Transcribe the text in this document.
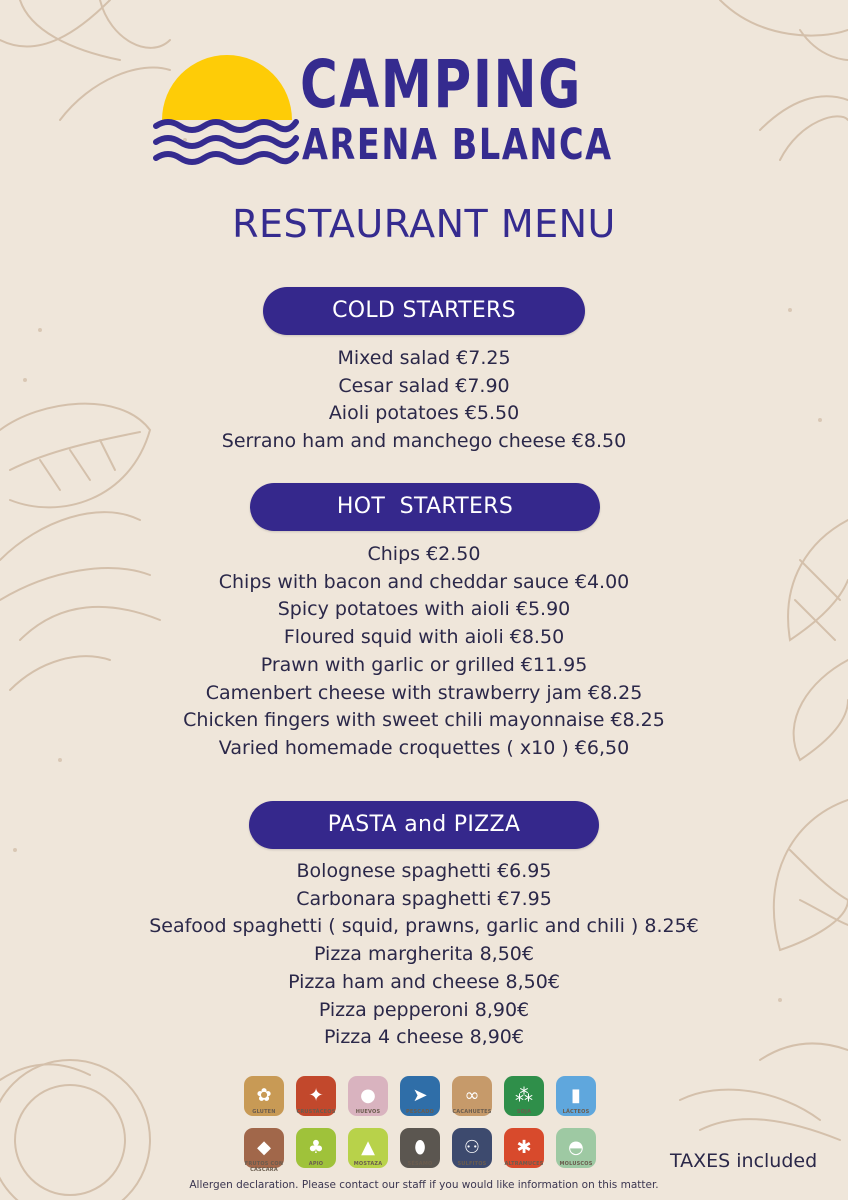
CAMPING
ARENA BLANCA
RESTAURANT MENU
COLD STARTERS
Mixed salad €7.25
Cesar salad €7.90
Aioli potatoes €5.50
Serrano ham and manchego cheese €8.50
HOT  STARTERS
Chips €2.50
Chips with bacon and cheddar sauce €4.00
Spicy potatoes with aioli €5.90
Floured squid with aioli €8.50
Prawn with garlic or grilled €11.95
Camenbert cheese with strawberry jam €8.25
Chicken fingers with sweet chili mayonnaise €8.25
Varied homemade croquettes ( x10 ) €6,50
PASTA and PIZZA
Bolognese spaghetti €6.95
Carbonara spaghetti €7.95
Seafood spaghetti ( squid, prawns, garlic and chili ) 8.25€
Pizza margherita 8,50€
Pizza ham and cheese 8,50€
Pizza pepperoni 8,90€
Pizza 4 cheese 8,90€
✿
GLUTEN
✦
CRUSTÁCEOS
●
HUEVOS
➤
PESCADO
∞
CACAHUETES
⁂
SOJA
▮
LÁCTEOS
◆
FRUTOS CON CÁSCARA
♣
APIO
▲
MOSTAZA
⬮
SÉSAMO
⚇
SULFITOS
✱
ALTRAMUCES
◓
MOLUSCOS	TAXES included
Allergen declaration. Please contact our staff if you would like information on this matter.
